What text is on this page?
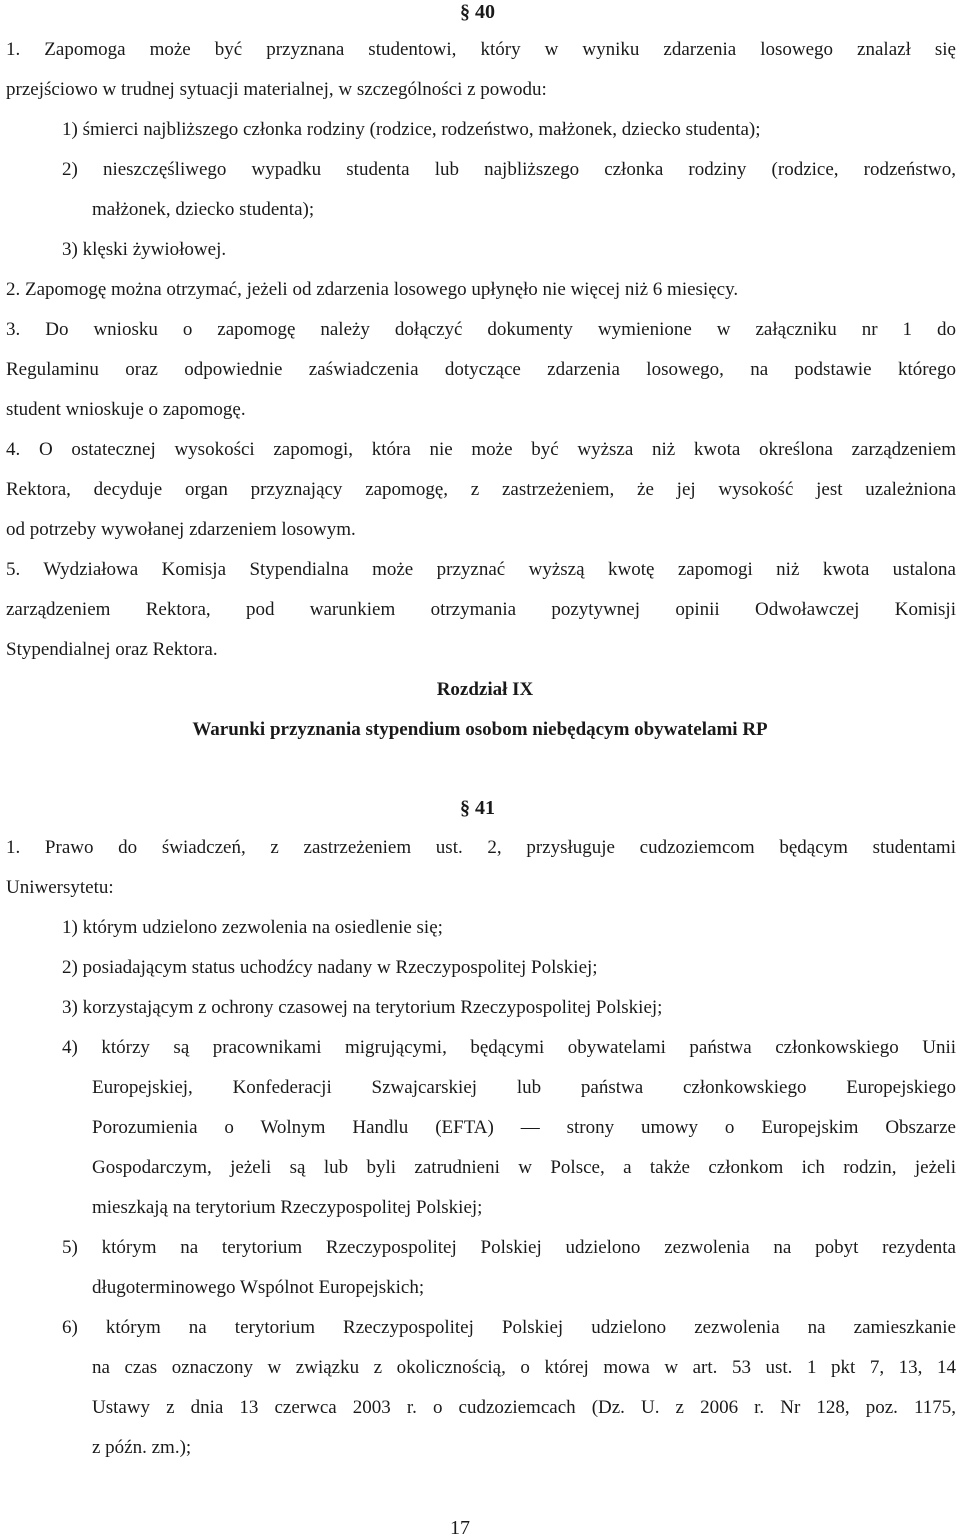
§ 40
1. Zapomoga może być przyznana studentowi, który w wyniku zdarzenia losowego znalazł się
przejściowo w trudnej sytuacji materialnej, w szczególności z powodu:
1) śmierci najbliższego członka rodziny (rodzice, rodzeństwo, małżonek, dziecko studenta);
2) nieszczęśliwego wypadku studenta lub najbliższego członka rodziny (rodzice, rodzeństwo,
małżonek, dziecko studenta);
3) klęski żywiołowej.
2. Zapomogę można otrzymać, jeżeli od zdarzenia losowego upłynęło nie więcej niż 6 miesięcy.
3. Do wniosku o zapomogę należy dołączyć dokumenty wymienione w załączniku nr 1 do
Regulaminu oraz odpowiednie zaświadczenia dotyczące zdarzenia losowego, na podstawie którego
student wnioskuje o zapomogę.
4. O ostatecznej wysokości zapomogi, która nie może być wyższa niż kwota określona zarządzeniem
Rektora, decyduje organ przyznający zapomogę, z zastrzeżeniem, że jej wysokość jest uzależniona
od potrzeby wywołanej zdarzeniem losowym.
5. Wydziałowa Komisja Stypendialna może przyznać wyższą kwotę zapomogi niż kwota ustalona
zarządzeniem Rektora, pod warunkiem otrzymania pozytywnej opinii Odwoławczej Komisji
Stypendialnej oraz Rektora.
Rozdział IX
Warunki przyznania stypendium osobom niebędącym obywatelami RP
§ 41
1. Prawo do świadczeń, z zastrzeżeniem ust. 2, przysługuje cudzoziemcom będącym studentami
Uniwersytetu:
1) którym udzielono zezwolenia na osiedlenie się;
2) posiadającym status uchodźcy nadany w Rzeczypospolitej Polskiej;
3) korzystającym z ochrony czasowej na terytorium Rzeczypospolitej Polskiej;
4) którzy są pracownikami migrującymi, będącymi obywatelami państwa członkowskiego Unii
Europejskiej, Konfederacji Szwajcarskiej lub państwa członkowskiego Europejskiego
Porozumienia o Wolnym Handlu (EFTA) — strony umowy o Europejskim Obszarze
Gospodarczym, jeżeli są lub byli zatrudnieni w Polsce, a także członkom ich rodzin, jeżeli
mieszkają na terytorium Rzeczypospolitej Polskiej;
5) którym na terytorium Rzeczypospolitej Polskiej udzielono zezwolenia na pobyt rezydenta
długoterminowego Wspólnot Europejskich;
6) którym na terytorium Rzeczypospolitej Polskiej udzielono zezwolenia na zamieszkanie
na czas oznaczony w związku z okolicznością, o której mowa w art. 53 ust. 1 pkt 7, 13, 14
Ustawy z dnia 13 czerwca 2003 r. o cudzoziemcach (Dz. U. z 2006 r. Nr 128, poz. 1175,
z późn. zm.);
17
